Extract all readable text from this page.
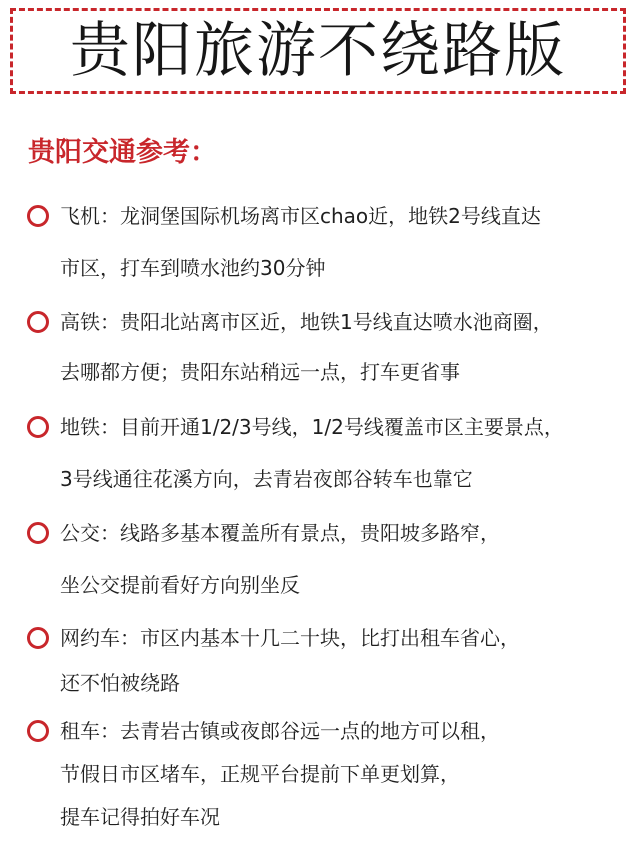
贵阳旅游不绕路版
贵阳交通参考：
飞机：龙洞堡国际机场离市区chao近，地铁2号线直达
市区，打车到喷水池约30分钟
高铁：贵阳北站离市区近，地铁1号线直达喷水池商圈，
去哪都方便；贵阳东站稍远一点，打车更省事
地铁：目前开通1/2/3号线，1/2号线覆盖市区主要景点，
3号线通往花溪方向，去青岩夜郎谷转车也靠它
公交：线路多基本覆盖所有景点，贵阳坡多路窄，
坐公交提前看好方向别坐反
网约车：市区内基本十几二十块，比打出租车省心，
还不怕被绕路
租车：去青岩古镇或夜郎谷远一点的地方可以租，
节假日市区堵车，正规平台提前下单更划算，
提车记得拍好车况
